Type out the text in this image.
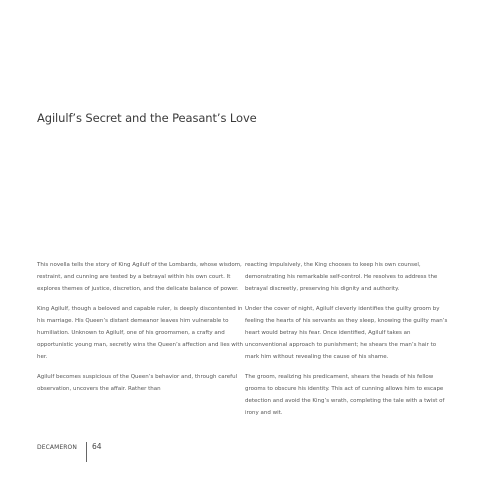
Agilulf’s Secret and the Peasant’s Love

This novella tells the story of King Agilulf of the Lombards, whose wisdom, restraint, and cunning are tested by a betrayal within his own court. It explores themes of justice, discretion, and the delicate balance of power.

King Agilulf, though a beloved and capable ruler, is deeply discontented in his marriage. His Queen’s distant demeanor leaves him vulnerable to humiliation. Unknown to Agilulf, one of his groomsmen, a crafty and opportunistic young man, secretly wins the Queen’s affection and lies with her.

Agilulf becomes suspicious of the Queen’s behavior and, through careful observation, uncovers the affair. Rather than

reacting impulsively, the King chooses to keep his own counsel, demonstrating his remarkable self-control. He resolves to address the betrayal discreetly, preserving his dignity and authority.

Under the cover of night, Agilulf cleverly identifies the guilty groom by feeling the hearts of his servants as they sleep, knowing the guilty man’s heart would betray his fear. Once identified, Agilulf takes an unconventional approach to punishment; he shears the man’s hair to mark him without revealing the cause of his shame.

The groom, realizing his predicament, shears the heads of his fellow grooms to obscure his identity. This act of cunning allows him to escape detection and avoid the King’s wrath, completing the tale with a twist of irony and wit.

DECAMERON 64
